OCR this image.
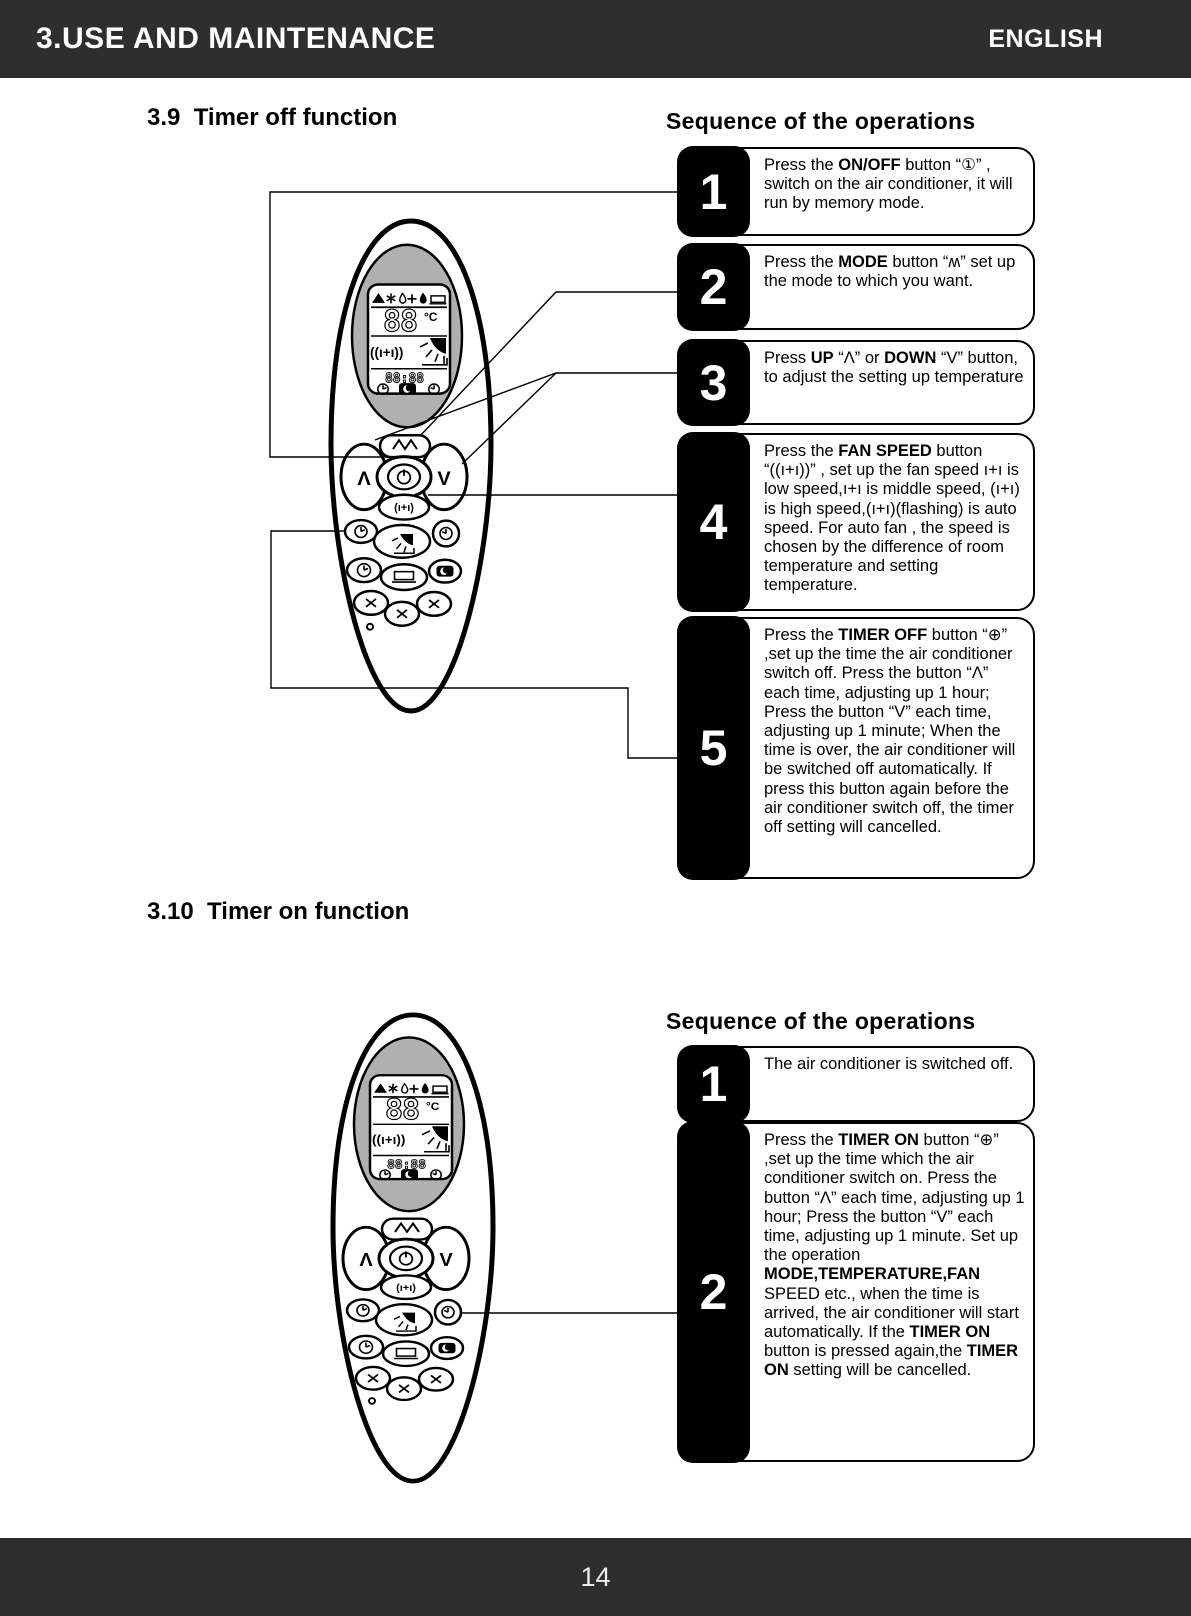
3.USE AND MAINTENANCE	ENGLISH
3.9  Timer off function	Sequence of the operations
3.10  Timer on function
Sequence of the operations
1	Press the ON/OFF button “①” , switch on the air conditioner, it will run by memory mode.
2	Press the MODE button “ʍ” set up the mode to which you want.
3	Press UP “Λ” or DOWN “V” button, to adjust the setting up temperature
4
Press the FAN SPEED button “((ı+ı))” , set up the fan speed ı+ı is low speed,ı+ı is middle speed, (ı+ı) is high speed,(ı+ı)(flashing) is auto speed. For auto fan , the speed is chosen by the difference of room temperature and setting temperature.
5
Press the TIMER OFF button “⊕” ,set up the time the air conditioner switch off. Press the button “Λ” each time, adjusting up 1 hour; Press the button “V” each time, adjusting up 1 minute; When the time is over, the air conditioner will be switched off automatically. If press this button again before the air conditioner switch off, the timer off setting will cancelled.
1	The air conditioner is switched off.
2
Press the TIMER ON button “⊕” ,set up the time which the air conditioner switch on. Press the button “Λ” each time, adjusting up 1 hour; Press the button “V” each time, adjusting up 1 minute. Set up the operation MODE,TEMPERATURE,FAN SPEED etc., when the time is arrived, the air conditioner will start automatically. If the TIMER ON button is pressed again,the TIMER ON setting will be cancelled.
14
